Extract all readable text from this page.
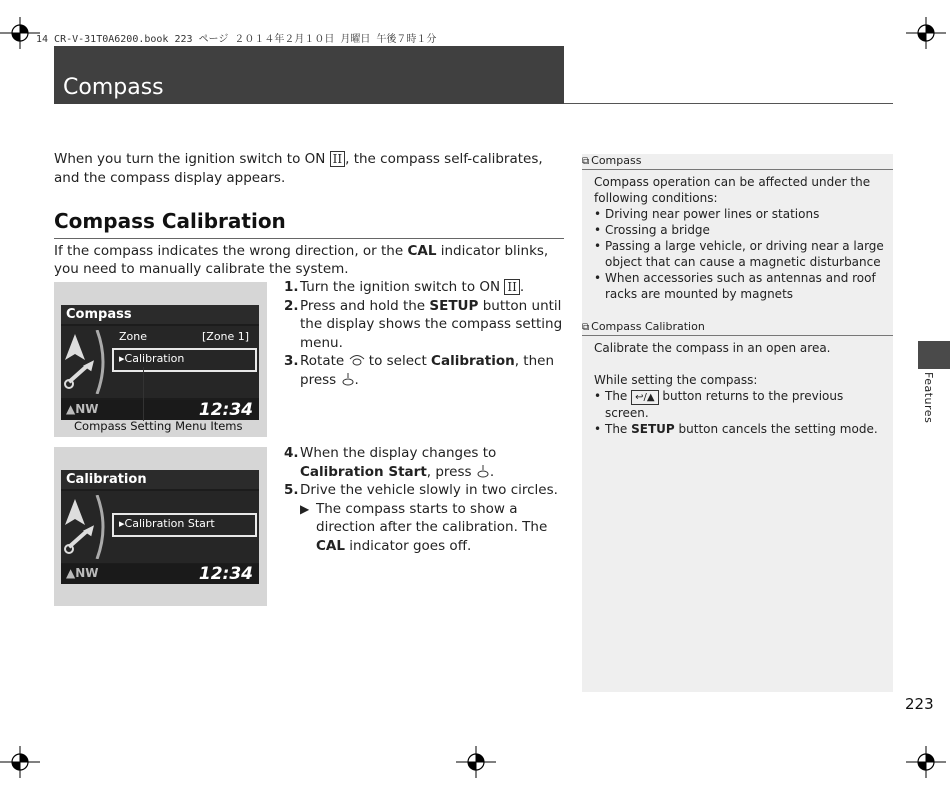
14 CR-V-31T0A6200.book 223 ページ ２０１４年２月１０日 月曜日 午後７時１分
Compass
When you turn the ignition switch to ON II , the compass self-calibrates, and the compass display appears.
Compass Calibration
If the compass indicates the wrong direction, or the CAL indicator blinks, you need to manually calibrate the system.
Compass
Zone	[Zone 1]
▸Calibration
▲NW	12:34
Compass Setting Menu Items
Calibration
▸Calibration Start
▲NW	12:34
1. Turn the ignition switch to ON II .
2. Press and hold the SETUP button until the display shows the compass setting menu.
3. Rotate  to select Calibration, then press .
4. When the display changes to Calibration Start, press .
5. Drive the vehicle slowly in two circles.
▶ The compass starts to show a direction after the calibration. The CAL indicator goes off.
⧉ Compass
Compass operation can be affected under the following conditions:
• Driving near power lines or stations
• Crossing a bridge
• Passing a large vehicle, or driving near a large object that can cause a magnetic disturbance
• When accessories such as antennas and roof racks are mounted by magnets
⧉ Compass Calibration
Calibrate the compass in an open area.
While setting the compass:
• The ↩/▲ button returns to the previous screen.
• The SETUP button cancels the setting mode.
Features
223
